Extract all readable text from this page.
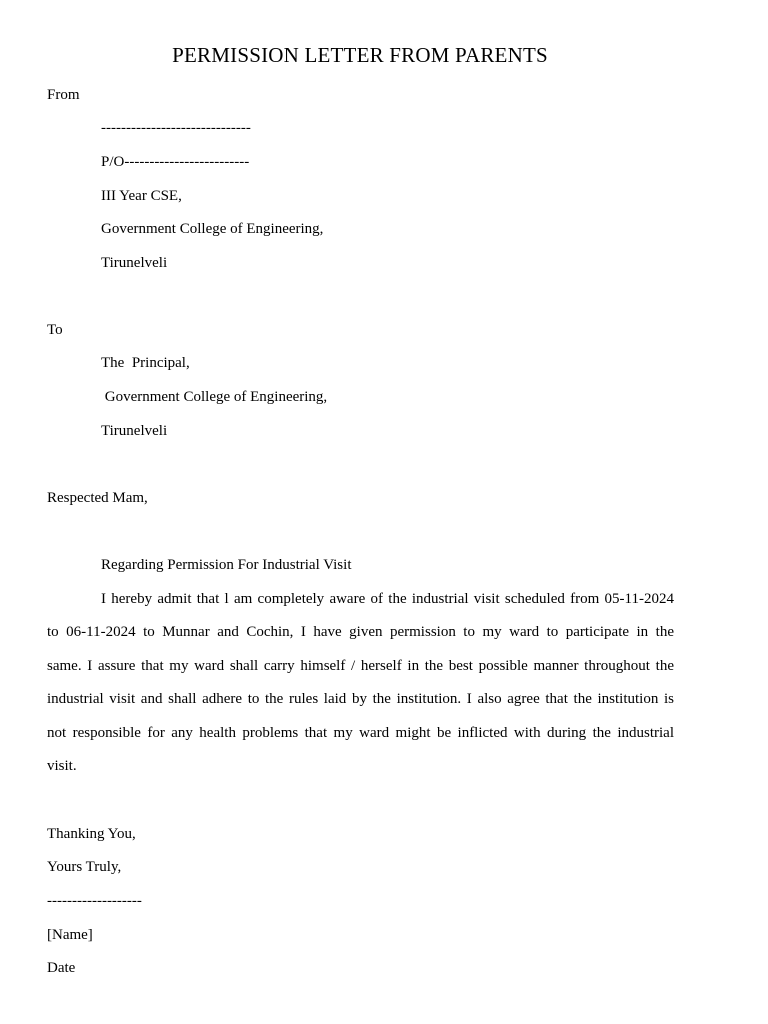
PERMISSION LETTER FROM PARENTS
From
------------------------------
P/O-------------------------
III Year CSE,
Government College of Engineering,
Tirunelveli
To
The  Principal,
Government College of Engineering,
Tirunelveli
Respected Mam,
Regarding Permission For Industrial Visit
I hereby admit that l am completely aware of the industrial visit scheduled from 05-11-2024
to 06-11-2024 to Munnar and Cochin, I have given permission to my ward to participate in the
same. I assure that my ward shall carry himself / herself in the best possible manner throughout the
industrial visit and shall adhere to the rules laid by the institution. I also agree that the institution is
not responsible for any health problems that my ward might be inflicted with during the industrial
visit.
Thanking You,
Yours Truly,
-------------------
[Name]
Date
